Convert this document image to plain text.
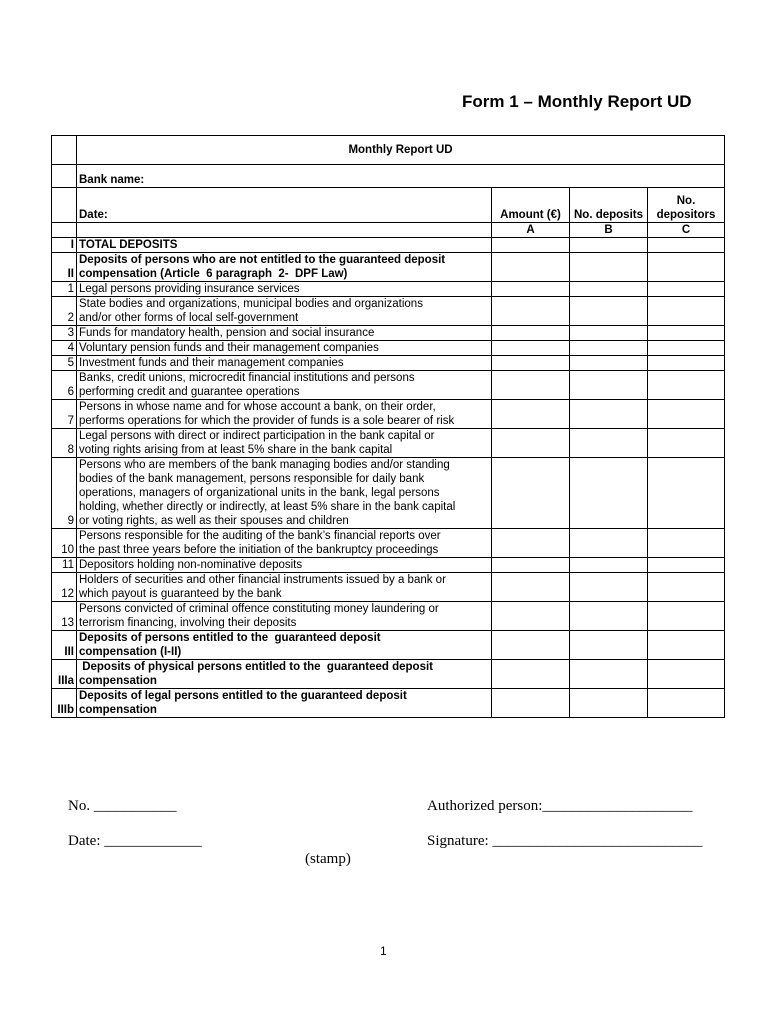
Form 1 – Monthly Report UD
	Monthly Report UD			
	Bank name:			
	Date:	Amount (€)	No. deposits	No.
depositors
		A	B	C
I	TOTAL DEPOSITS			

II	Deposits of persons who are not entitled to the guaranteed deposit
compensation (Article  6 paragraph  2-  DPF Law)			

1	Legal persons providing insurance services			

2	State bodies and organizations, municipal bodies and organizations
and/or other forms of local self-government			

3	Funds for mandatory health, pension and social insurance			

4	Voluntary pension funds and their management companies			

5	Investment funds and their management companies			

6	Banks, credit unions, microcredit financial institutions and persons
performing credit and guarantee operations			

7	Persons in whose name and for whose account a bank, on their order,
performs operations for which the provider of funds is a sole bearer of risk			

8	Legal persons with direct or indirect participation in the bank capital or
voting rights arising from at least 5% share in the bank capital			

9	Persons who are members of the bank managing bodies and/or standing
bodies of the bank management, persons responsible for daily bank
operations, managers of organizational units in the bank, legal persons
holding, whether directly or indirectly, at least 5% share in the bank capital
or voting rights, as well as their spouses and children			

10	Persons responsible for the auditing of the bank’s financial reports over
the past three years before the initiation of the bankruptcy proceedings			

11	Depositors holding non-nominative deposits			

12	Holders of securities and other financial instruments issued by a bank or
which payout is guaranteed by the bank			

13	Persons convicted of criminal offence constituting money laundering or
terrorism financing, involving their deposits			

III	Deposits of persons entitled to the  guaranteed deposit
compensation (I-II)			

IIIa	Deposits of physical persons entitled to the  guaranteed deposit
compensation			

IIIb	Deposits of legal persons entitled to the guaranteed deposit
compensation			

No. ___________	Authorized person:____________________
Date: _____________	Signature: ____________________________
(stamp)
1
